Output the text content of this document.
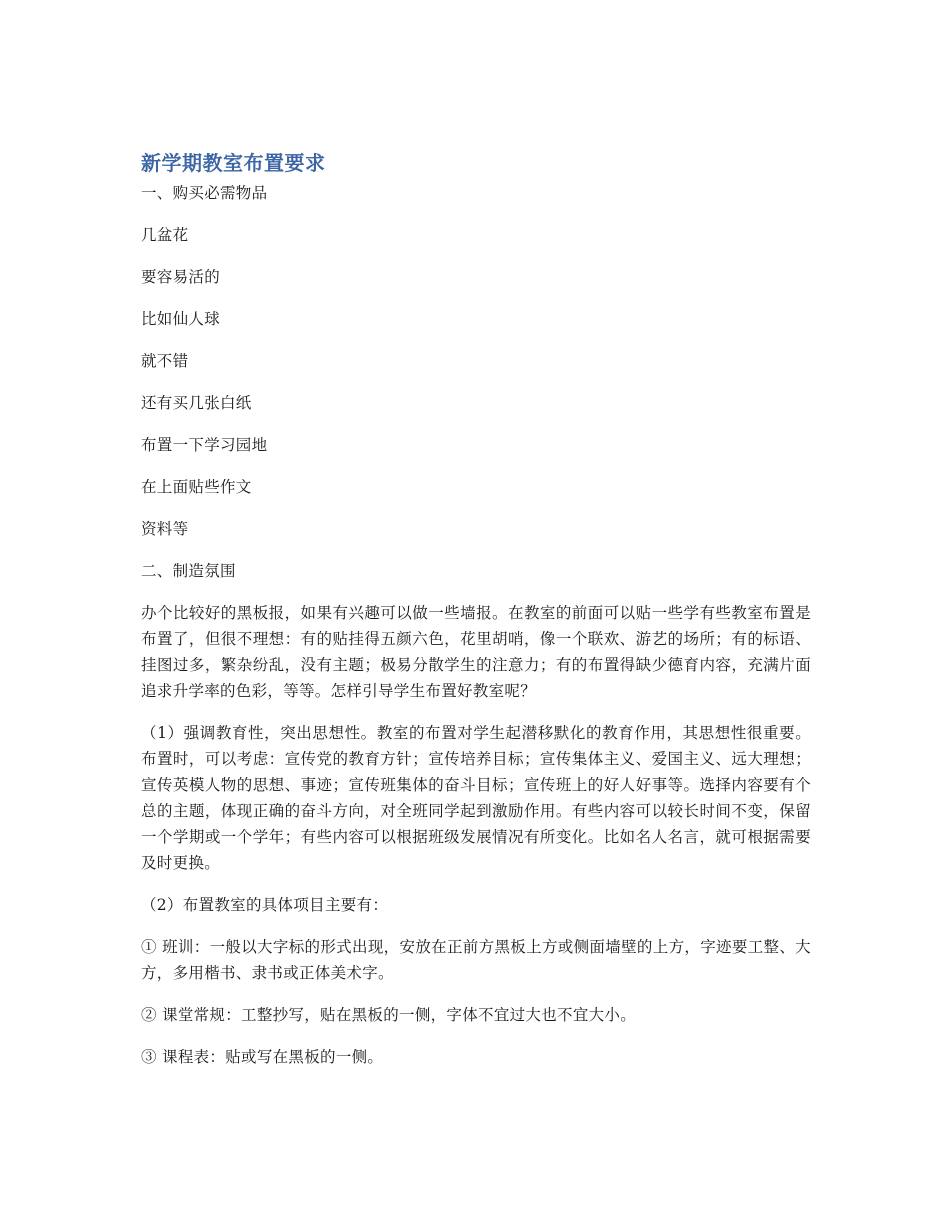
新学期教室布置要求

一、购买必需物品

几盆花

要容易活的

比如仙人球

就不错

还有买几张白纸

布置一下学习园地

在上面贴些作文

资料等

二、制造氛围

办个比较好的黑板报，如果有兴趣可以做一些墙报。在教室的前面可以贴一些学有些教室布置是布置了，但很不理想：有的贴挂得五颜六色，花里胡哨，像一个联欢、游艺的场所；有的标语、挂图过多，繁杂纷乱，没有主题；极易分散学生的注意力；有的布置得缺少德育内容，充满片面追求升学率的色彩，等等。怎样引导学生布置好教室呢？

（1）强调教育性，突出思想性。教室的布置对学生起潜移默化的教育作用，其思想性很重要。布置时，可以考虑：宣传党的教育方针；宣传培养目标；宣传集体主义、爱国主义、远大理想；宣传英模人物的思想、事迹；宣传班集体的奋斗目标；宣传班上的好人好事等。选择内容要有个总的主题，体现正确的奋斗方向，对全班同学起到激励作用。有些内容可以较长时间不变，保留一个学期或一个学年；有些内容可以根据班级发展情况有所变化。比如名人名言，就可根据需要及时更换。

（2）布置教室的具体项目主要有：

① 班训：一般以大字标的形式出现，安放在正前方黑板上方或侧面墙壁的上方，字迹要工整、大方，多用楷书、隶书或正体美术字。

② 课堂常规：工整抄写，贴在黑板的一侧，字体不宜过大也不宜大小。

③ 课程表：贴或写在黑板的一侧。
